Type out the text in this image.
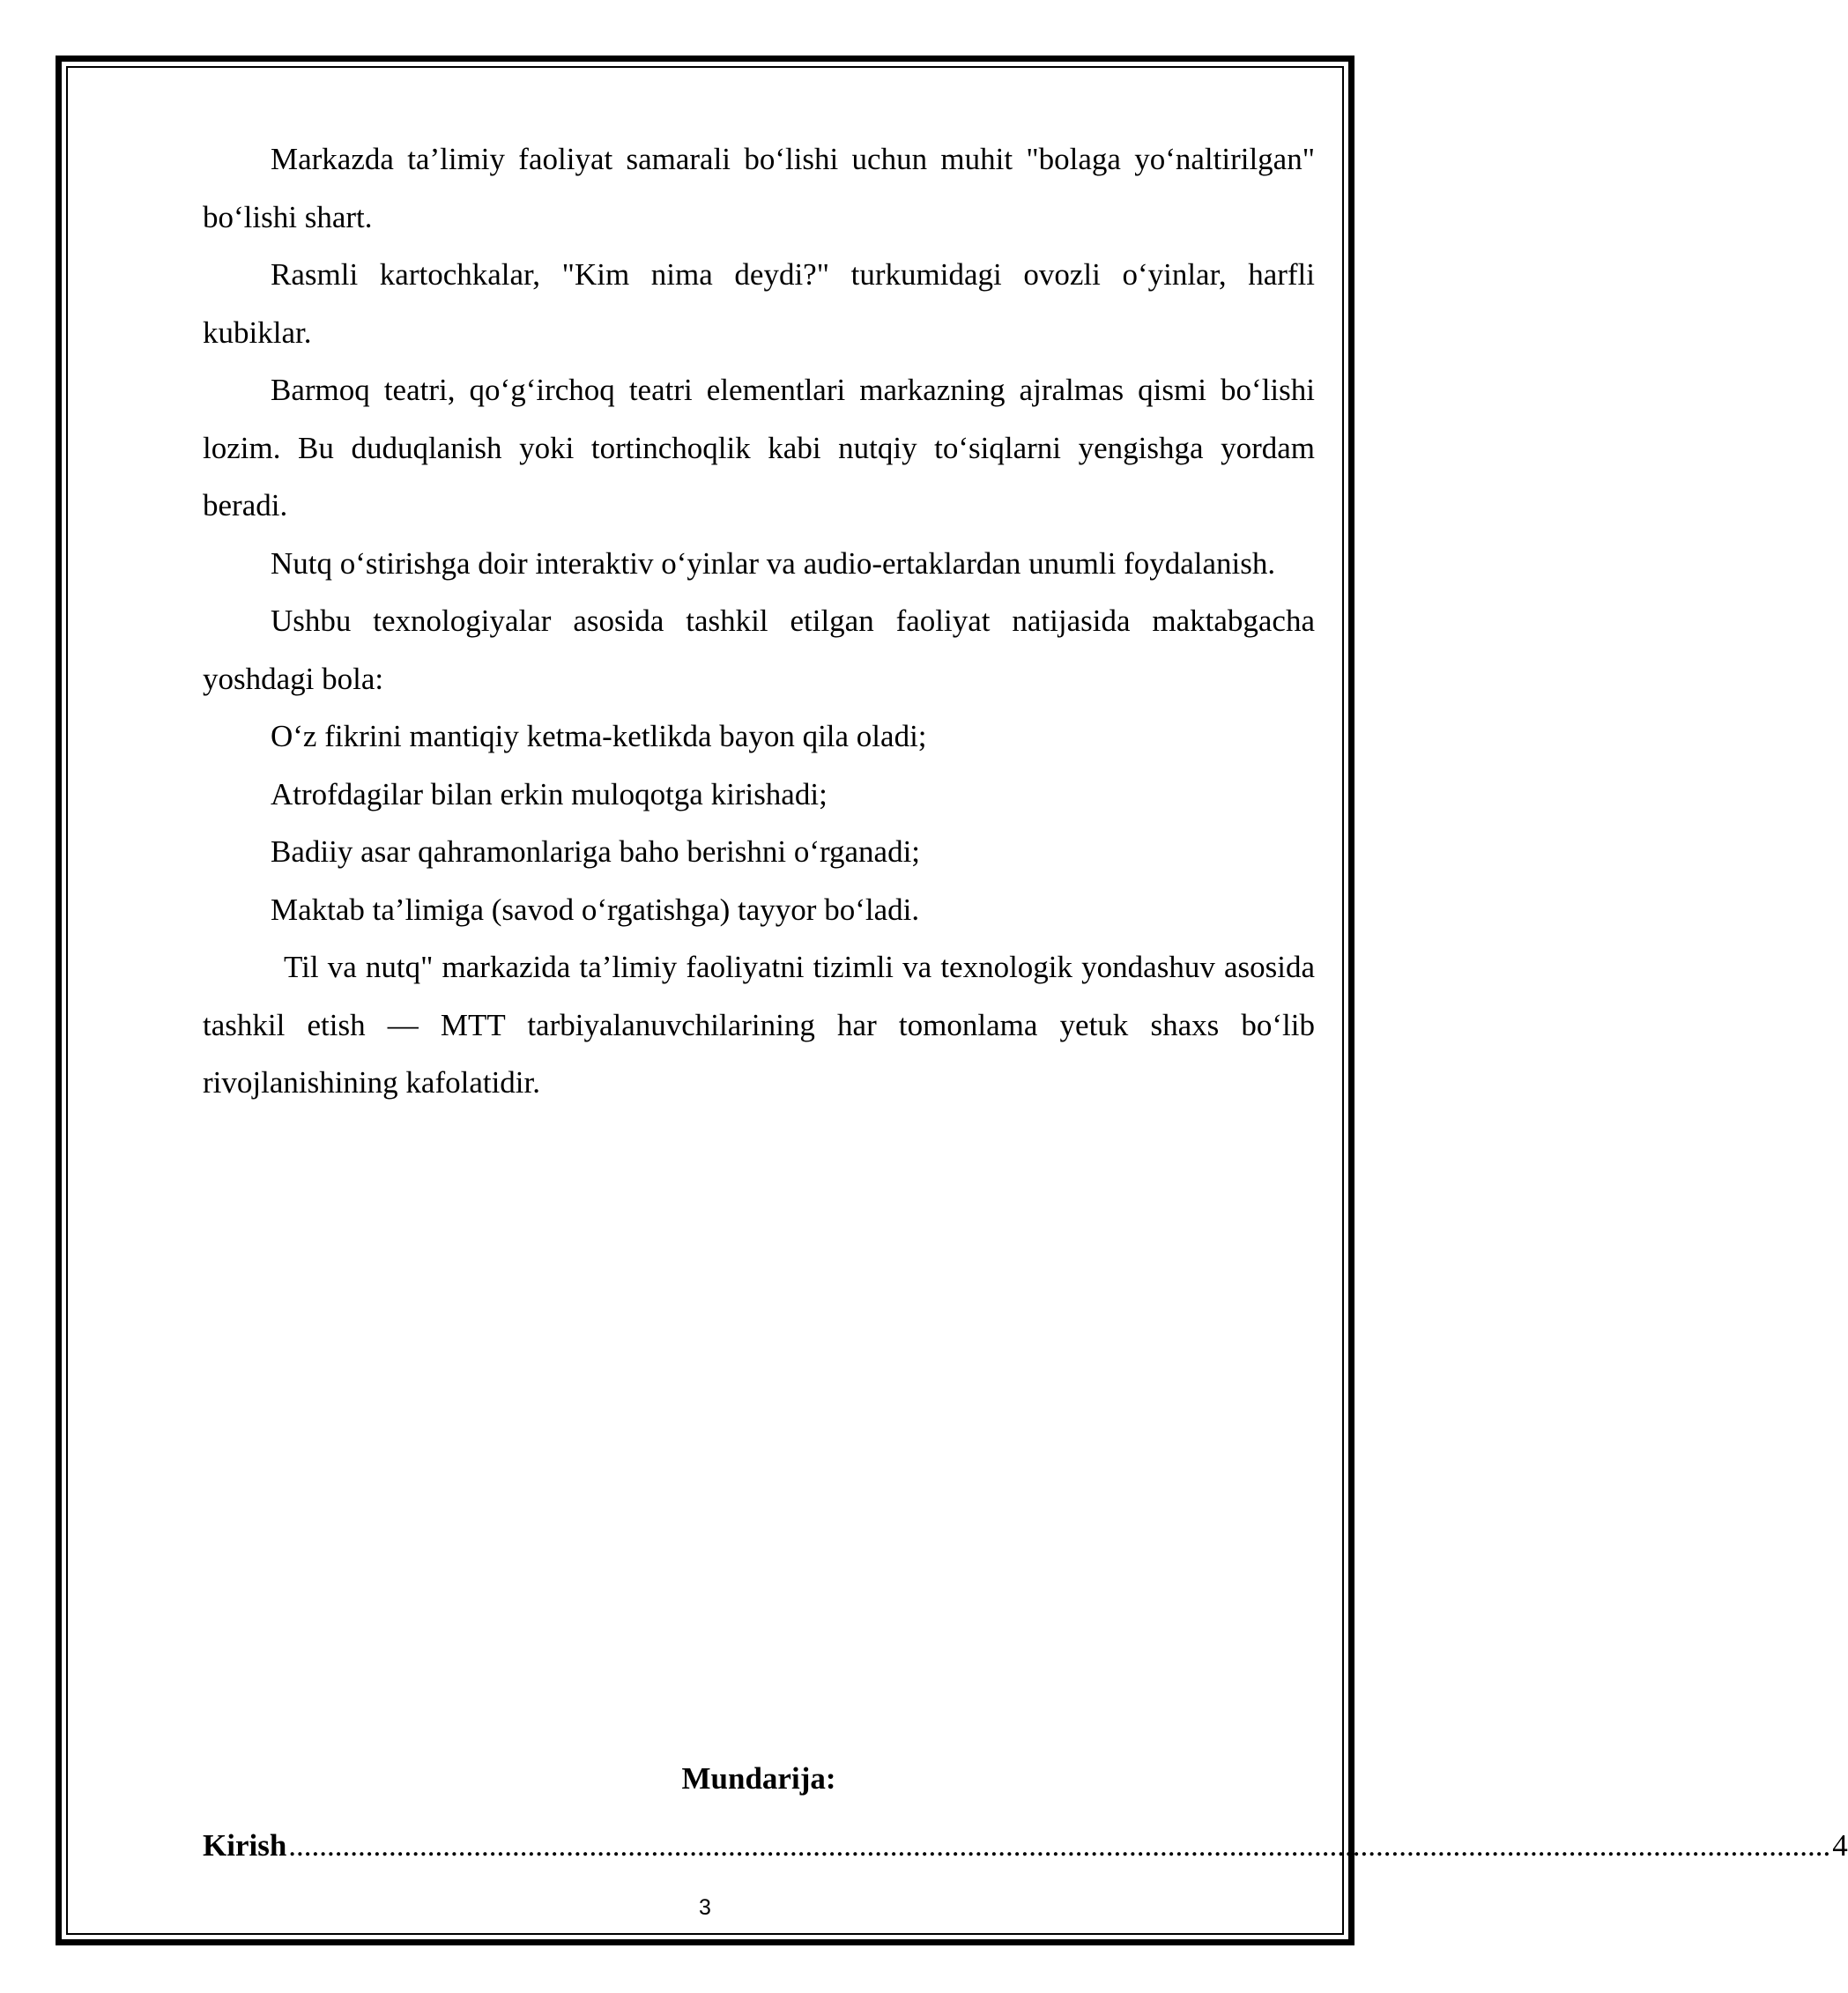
Markazda ta’limiy faoliyat samarali bo‘lishi uchun muhit "bolaga yo‘naltirilgan" bo‘lishi shart.

Rasmli kartochkalar, "Kim nima deydi?" turkumidagi ovozli o‘yinlar, harfli kubiklar.

Barmoq teatri, qo‘g‘irchoq teatri elementlari markazning ajralmas qismi bo‘lishi lozim. Bu duduqlanish yoki tortinchoqlik kabi nutqiy to‘siqlarni yengishga yordam beradi.

Nutq o‘stirishga doir interaktiv o‘yinlar va audio-ertaklardan unumli foydalanish.

Ushbu texnologiyalar asosida tashkil etilgan faoliyat natijasida maktabgacha yoshdagi bola:

O‘z fikrini mantiqiy ketma-ketlikda bayon qila oladi;

Atrofdagilar bilan erkin muloqotga kirishadi;

Badiiy asar qahramonlariga baho berishni o‘rganadi;

Maktab ta’limiga (savod o‘rgatishga) tayyor bo‘ladi.

Til va nutq" markazida ta’limiy faoliyatni tizimli va texnologik yondashuv asosida tashkil etish — MTT tarbiyalanuvchilarining har tomonlama yetuk shaxs bo‘lib rivojlanishining kafolatidir.

Mundarija:

Kirish ........................................................................................................................................................................................................ 4
3
